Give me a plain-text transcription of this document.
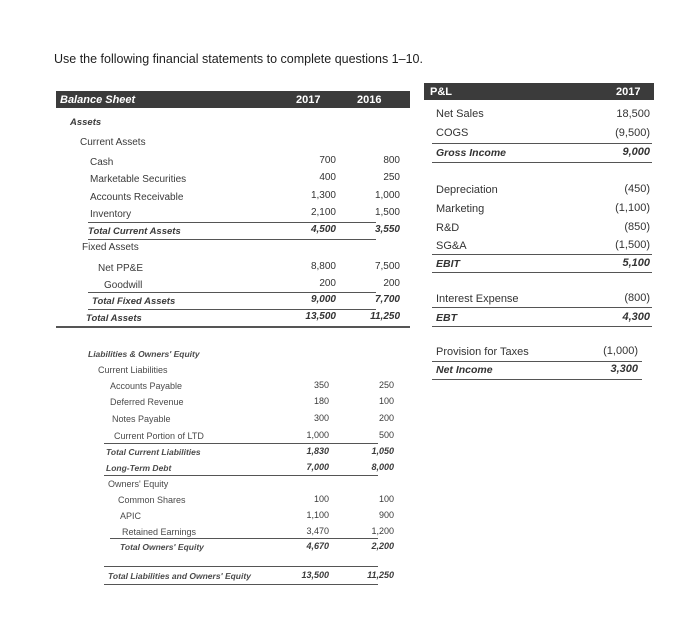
Use the following financial statements to complete questions 1–10.
Balance Sheet	2017	2016
Assets
Current Assets
Cash	700	800
Marketable Securities	400	250
Accounts Receivable	1,300	1,000
Inventory	2,100	1,500
Total Current Assets	4,500	3,550
Fixed Assets
Net PP&E	8,800	7,500
Goodwill	200	200
Total Fixed Assets	9,000	7,700
Total Assets	13,500	11,250
Liabilities & Owners' Equity
Current Liabilities
Accounts Payable	350	250
Deferred Revenue	180	100
Notes Payable	300	200
Current Portion of LTD	1,000	500
Total Current Liabilities	1,830	1,050
Long-Term Debt	7,000	8,000
Owners' Equity
Common Shares	100	100
APIC	1,100	900
Retained Earnings	3,470	1,200
Total Owners' Equity	4,670	2,200
Total Liabilities and Owners' Equity	13,500	11,250
P&L	2017
Net Sales	18,500
COGS	(9,500)
Gross Income	9,000
Depreciation	(450)
Marketing	(1,100)
R&D	(850)
SG&A	(1,500)
EBIT	5,100
Interest Expense	(800)
EBT	4,300
Provision for Taxes	(1,000)
Net Income	3,300
